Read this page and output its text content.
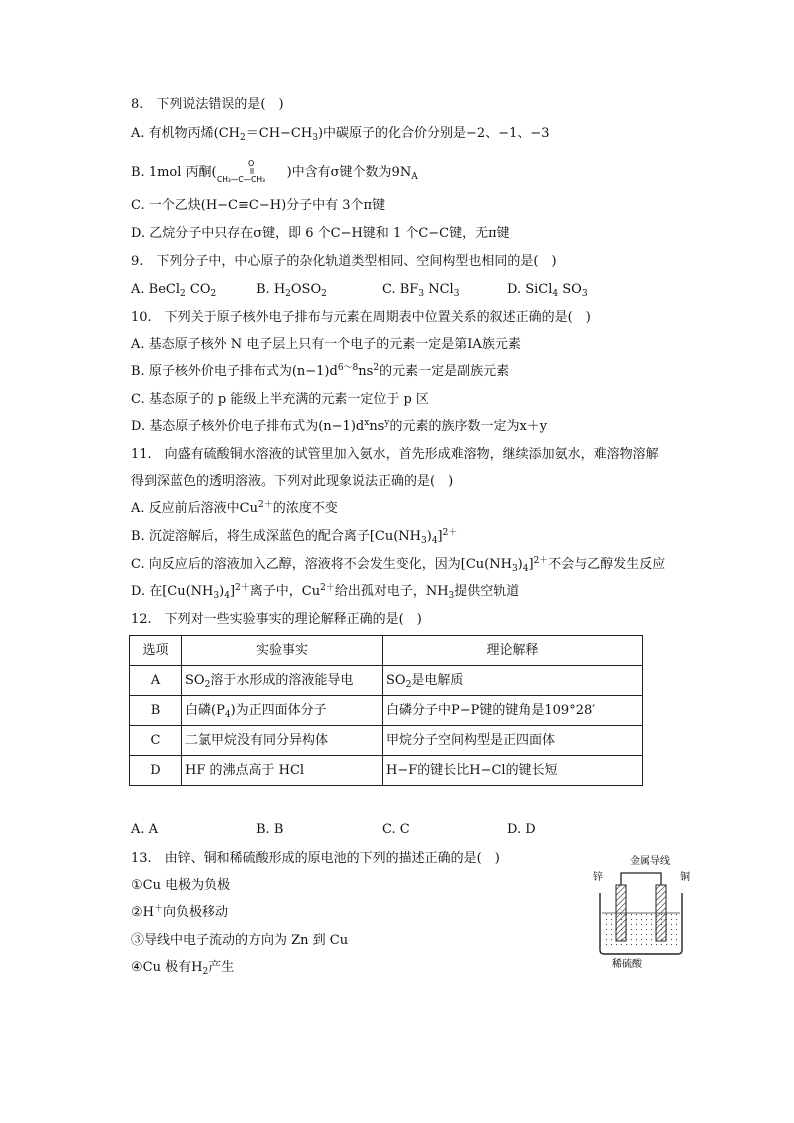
8.　下列说法错误的是(　)
A. 有机物丙烯$(CH_2=CH-CH_3)$中碳原子的化合价分别是−2、−1、−3
B. 1mol 丙酮(
O
CH₃—C—CH₃ )中含有σ键个数为$9N_A$
C. 一个乙炔(H−C≡C−H)分子中有 3个π键
D. 乙烷分子中只存在σ键，即 6 个C−H键和 1 个C−C键，无π键
9.　下列分子中，中心原子的杂化轨道类型相同、空间构型也相同的是(　)
A. BeCl$_2$ $CO_2$	B. $H_2OSO_2$	C. $BF_3$ NCl$_3$	D. SiCl$_4$ $SO_3$
10.　下列关于原子核外电子排布与元素在周期表中位置关系的叙述正确的是(　)
A. 基态原子核外 N 电子层上只有一个电子的元素一定是第ⅠA族元素
B. 原子核外价电子排布式为$(n-1)d^{6\sim 8}ns^2$的元素一定是副族元素
C. 基态原子的 p 能级上半充满的元素一定位于 p 区
D. 基态原子核外价电子排布式为$(n-1)d^xns^y$的元素的族序数一定为x＋y
11.　向盛有硫酸铜水溶液的试管里加入氨水，首先形成难溶物，继续添加氨水，难溶物溶解
得到深蓝色的透明溶液。下列对此现象说法正确的是(　)
A. 反应前后溶液中$Cu^{2+}$的浓度不变
B. 沉淀溶解后，将生成深蓝色的配合离子$[Cu(NH_3)_4]^{2+}$
C. 向反应后的溶液加入乙醇，溶液将不会发生变化，因为$[Cu(NH_3)_4]^{2+}$不会与乙醇发生反应
D. 在$[Cu(NH_3)_4]^{2+}$离子中，$Cu^{2+}$给出孤对电子，$NH_3$提供空轨道
12.　下列对一些实验事实的理论解释正确的是(　)
选项	实验事实	理论解释
A	$SO_2$溶于水形成的溶液能导电	$SO_2$是电解质
B	白磷$(P_4)$为正四面体分子	白磷分子中P−P键的键角是109°28′
C	二氯甲烷没有同分异构体	甲烷分子空间构型是正四面体
D	HF 的沸点高于 HCl	H−F的键长比H−Cl的键长短
A. A	B. B	C. C	D. D
13.　由锌、铜和稀硫酸形成的原电池的下列的描述正确的是(　)
①Cu 电极为负极
②H＋向负极移动
③导线中电子流动的方向为 Zn 到 Cu
④Cu 极有$H_2$产生
金属导线
锌	铜
稀硫酸
